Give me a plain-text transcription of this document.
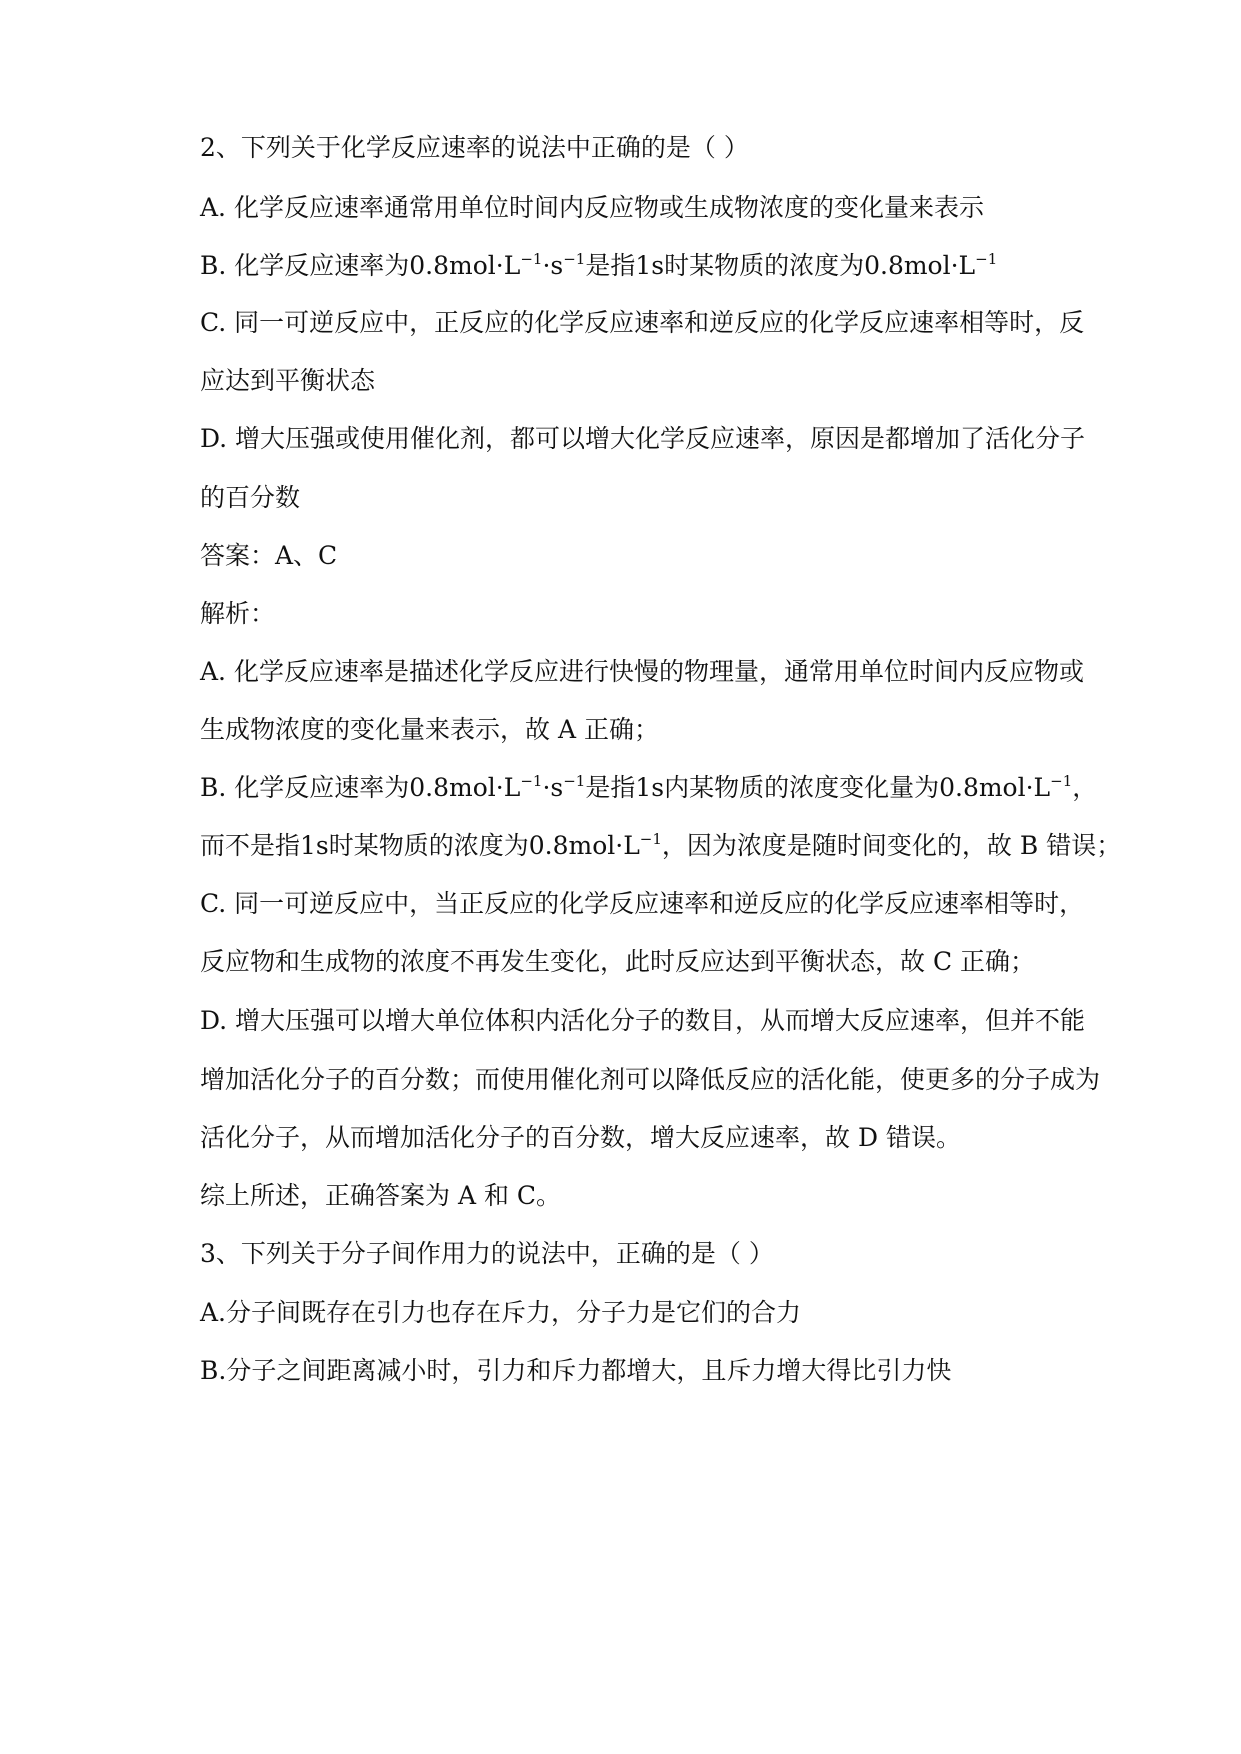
2、下列关于化学反应速率的说法中正确的是（ ）

A. 化学反应速率通常用单位时间内反应物或生成物浓度的变化量来表示

B. 化学反应速率为$0.8mol\cdot L^{-1}\cdot s^{-1}$是指1s时某物质的浓度为$0.8mol\cdot L^{-1}$

C. 同一可逆反应中，正反应的化学反应速率和逆反应的化学反应速率相等时，反

应达到平衡状态

D. 增大压强或使用催化剂，都可以增大化学反应速率，原因是都增加了活化分子

的百分数

答案：A、C

解析：

A. 化学反应速率是描述化学反应进行快慢的物理量，通常用单位时间内反应物或

生成物浓度的变化量来表示，故 A 正确；

B. 化学反应速率为$0.8mol\cdot L^{-1}\cdot s^{-1}$是指1s内某物质的浓度变化量为$0.8mol\cdot L^{-1}$，

而不是指1s时某物质的浓度为$0.8mol\cdot L^{-1}$，因为浓度是随时间变化的，故 B 错误；

C. 同一可逆反应中，当正反应的化学反应速率和逆反应的化学反应速率相等时，

反应物和生成物的浓度不再发生变化，此时反应达到平衡状态，故 C 正确；

D. 增大压强可以增大单位体积内活化分子的数目，从而增大反应速率，但并不能

增加活化分子的百分数；而使用催化剂可以降低反应的活化能，使更多的分子成为

活化分子，从而增加活化分子的百分数，增大反应速率，故 D 错误。

综上所述，正确答案为 A 和 C。

3、下列关于分子间作用力的说法中，正确的是（ ）

A.分子间既存在引力也存在斥力，分子力是它们的合力

B.分子之间距离减小时，引力和斥力都增大，且斥力增大得比引力快
